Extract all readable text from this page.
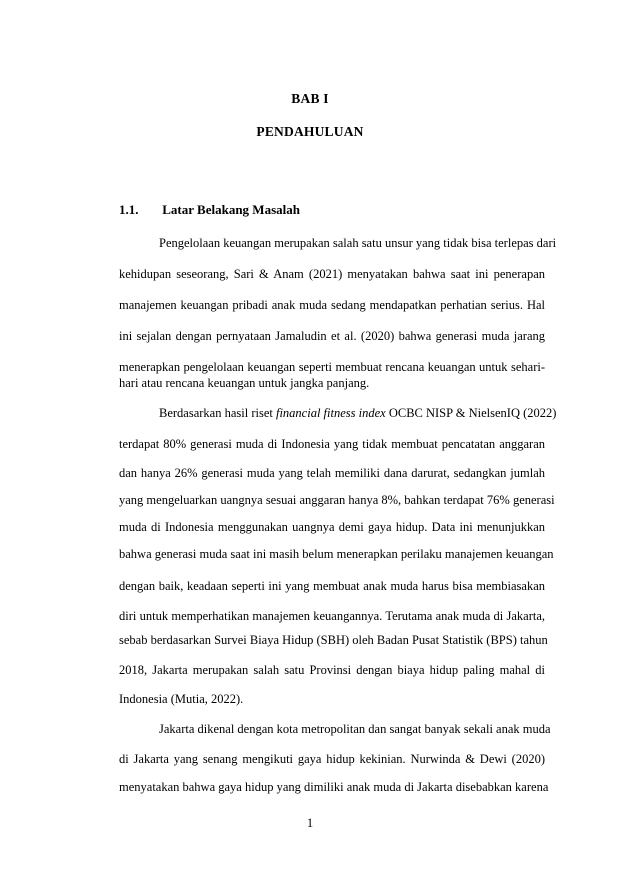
BAB I
PENDAHULUAN
1.1. Latar Belakang Masalah
Pengelolaan keuangan merupakan salah satu unsur yang tidak bisa terlepas dari
kehidupan seseorang, Sari & Anam (2021) menyatakan bahwa saat ini penerapan
manajemen keuangan pribadi anak muda sedang mendapatkan perhatian serius. Hal
ini sejalan dengan pernyataan Jamaludin et al. (2020) bahwa generasi muda jarang
menerapkan pengelolaan keuangan seperti membuat rencana keuangan untuk sehari-
hari atau rencana keuangan untuk jangka panjang.
Berdasarkan hasil riset financial fitness index OCBC NISP & NielsenIQ (2022)
terdapat 80% generasi muda di Indonesia yang tidak membuat pencatatan anggaran
dan hanya 26% generasi muda yang telah memiliki dana darurat, sedangkan jumlah
yang mengeluarkan uangnya sesuai anggaran hanya 8%, bahkan terdapat 76% generasi
muda di Indonesia menggunakan uangnya demi gaya hidup. Data ini menunjukkan
bahwa generasi muda saat ini masih belum menerapkan perilaku manajemen keuangan
dengan baik, keadaan seperti ini yang membuat anak muda harus bisa membiasakan
diri untuk memperhatikan manajemen keuangannya. Terutama anak muda di Jakarta,
sebab berdasarkan Survei Biaya Hidup (SBH) oleh Badan Pusat Statistik (BPS) tahun
2018, Jakarta merupakan salah satu Provinsi dengan biaya hidup paling mahal di
Indonesia (Mutia, 2022).
Jakarta dikenal dengan kota metropolitan dan sangat banyak sekali anak muda
di Jakarta yang senang mengikuti gaya hidup kekinian. Nurwinda & Dewi (2020)
menyatakan bahwa gaya hidup yang dimiliki anak muda di Jakarta disebabkan karena
1
